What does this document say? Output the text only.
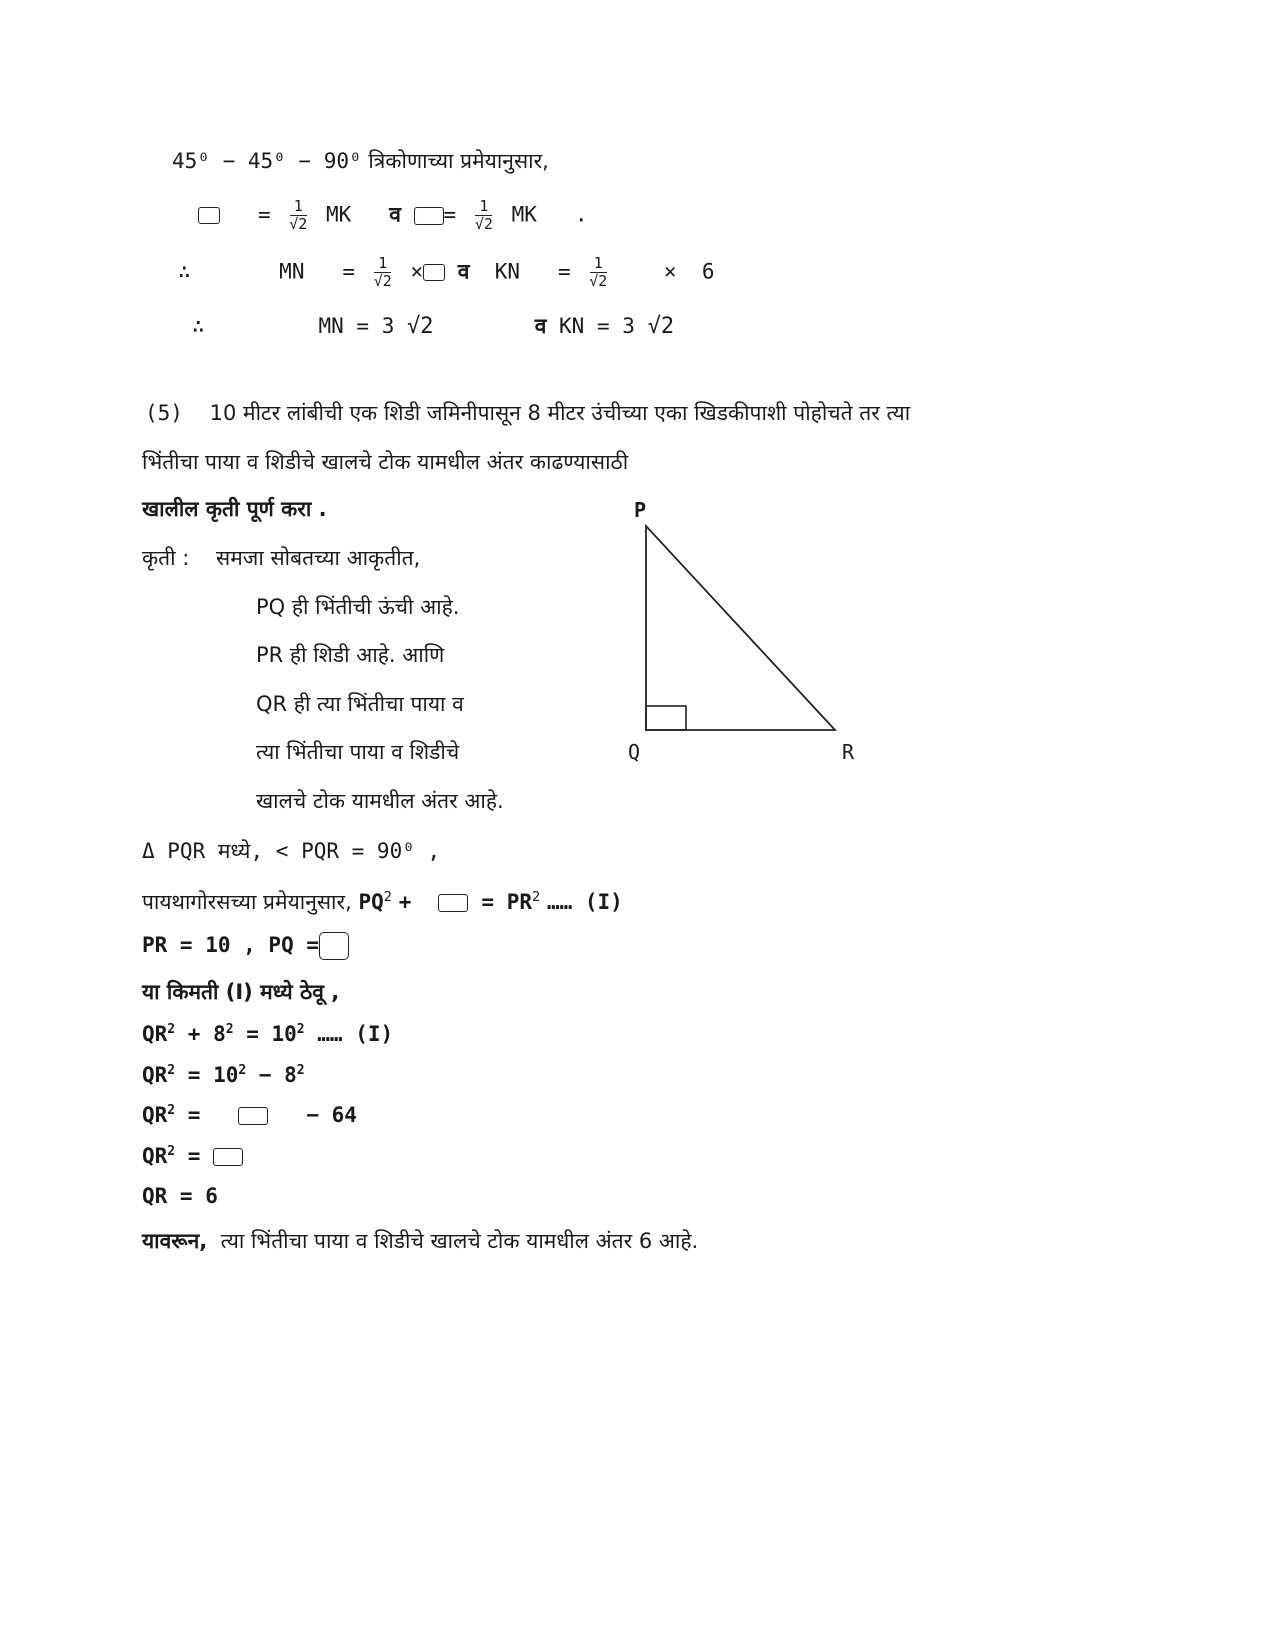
45⁰ − 45⁰ − 90⁰ त्रिकोणाच्या प्रमेयानुसार,
= $\frac{1}{√2}$ MK व = $\frac{1}{√2}$ MK .
∴	MN = $\frac{1}{√2}$ × व KN = $\frac{1}{√2}$	× 6
∴	MN = 3 √2	व KN = 3 √2
(5) 10 मीटर लांबीची एक शिडी जमिनीपासून 8 मीटर उंचीच्या एका खिडकीपाशी पोहोचते तर त्या
भिंतीचा पाया व शिडीचे खालचे टोक यामधील अंतर काढण्यासाठी
खालील कृती पूर्ण करा .
कृती : समजा सोबतच्या आकृतीत,
PQ ही भिंतीची ऊंची आहे.
PR ही शिडी आहे. आणि
QR ही त्या भिंतीचा पाया व
त्या भिंतीचा पाया व शिडीचे
खालचे टोक यामधील अंतर आहे.
P
Q	R
Δ PQR मध्ये, < PQR = 90⁰ ,
पायथागोरसच्या प्रमेयानुसार, $PQ^2$ +	= $PR^2$ …… (I)
PR = 10 , PQ =
या किमती (I) मध्ये ठेवू ,
$QR^2 + 8^2 = 10^2$ …… (I)
$QR^2 = 10^2 - 8^2$
$QR^2$ =	− 64
$QR^2$ =
QR = 6
यावरून, त्या भिंतीचा पाया व शिडीचे खालचे टोक यामधील अंतर 6 आहे.
